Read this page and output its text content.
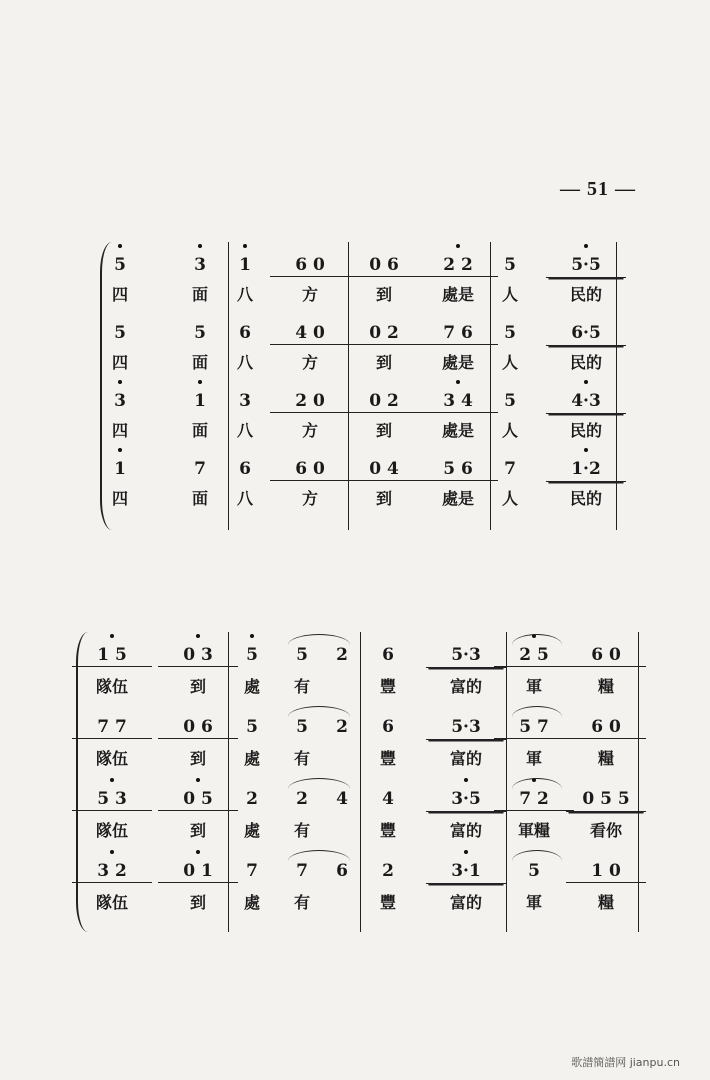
— 51 —
5	3	1	6 0	0 6	2 2	5	5·5
四	面	八	方	到	處是	人	民的
5	5	6	4 0	0 2	7 6	5	6·5
四	面	八	方	到	處是	人	民的
3	1	3	2 0	0 2	3 4	5	4·3
四	面	八	方	到	處是	人	民的
1	7	6	6 0	0 4	5 6	7	1·2
四	面	八	方	到	處是	人	民的
1 5	0 3	5	5	2	6	5·3	2 5	6 0
隊伍	到	處	有	豐	富的	軍	糧
7 7	0 6	5	5	2	6	5·3	5 7	6 0
隊伍	到	處	有	豐	富的	軍	糧
5 3	0 5	2	2	4	4	3·5	7 2	0 5 5
隊伍	到	處	有	豐	富的	軍糧	看你
3 2	0 1	7	7	6	2	3·1	5	1 0
隊伍	到	處	有	豐	富的	軍	糧
歌譜簡譜网 jianpu.cn
